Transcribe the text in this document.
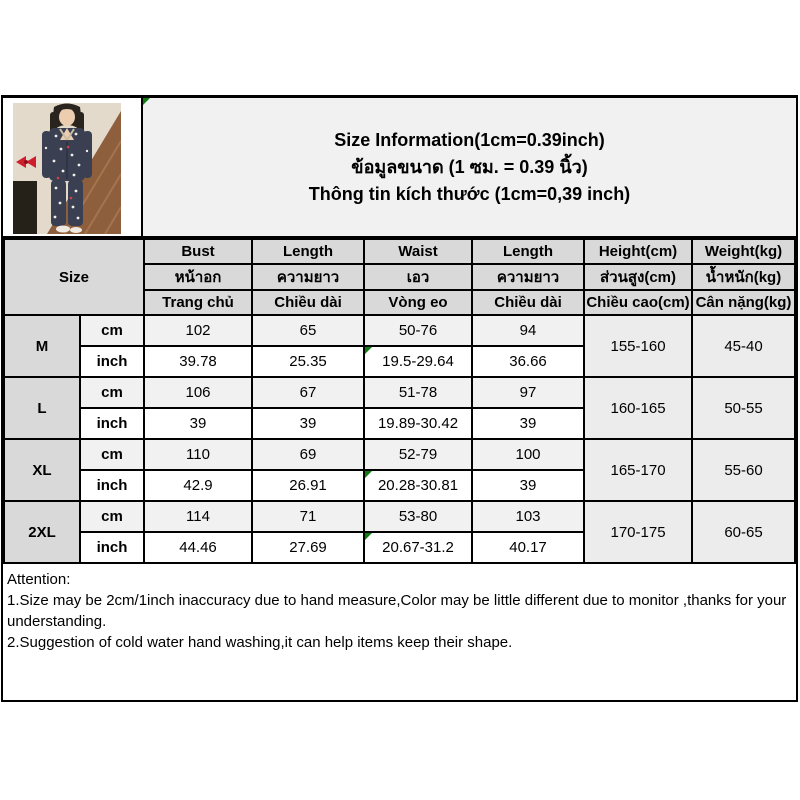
Size Information(1cm=0.39inch)
ข้อมูลขนาด (1 ซม. = 0.39 นิ้ว)
Thông tin kích thước (1cm=0,39 inch)
Size		Bust	Length	Waist	Length	Height(cm)	Weight(kg)
		หน้าอก	ความยาว	เอว	ความยาว	ส่วนสูง(cm)	น้ำหนัก(kg)
		Trang chủ	Chiều dài	Vòng eo	Chiều dài	Chiều cao(cm)	Cân nặng(kg)
M	cm	102	65	50-76	94	155-160	45-40
	inch	39.78	25.35	19.5-29.64	36.66		
L	cm	106	67	51-78	97	160-165	50-55
	inch	39	39	19.89-30.42	39		
XL	cm	110	69	52-79	100	165-170	55-60
	inch	42.9	26.91	20.28-30.81	39		
2XL	cm	114	71	53-80	103	170-175	60-65
	inch	44.46	27.69	20.67-31.2	40.17		
Attention:
1.Size may be 2cm/1inch inaccuracy due to hand measure,Color may be little different due to monitor ,thanks for your understanding.
2.Suggestion of cold water hand washing,it can help items keep their shape.
